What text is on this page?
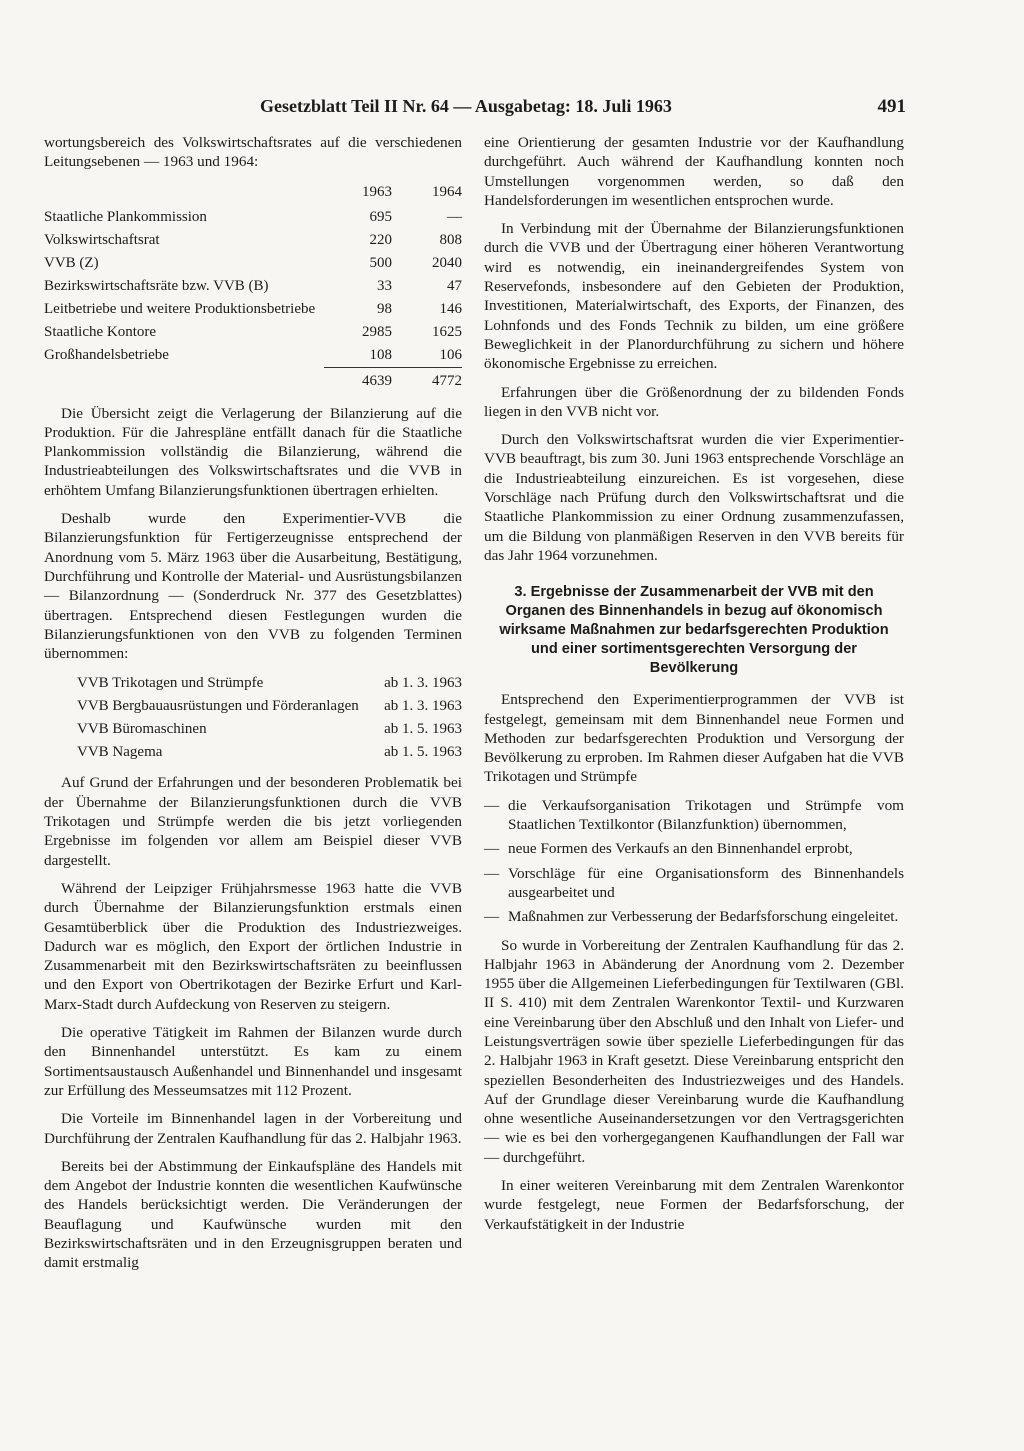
Gesetzblatt Teil II Nr. 64 — Ausgabetag: 18. Juli 1963	491

wortungsbereich des Volkswirtschaftsrates auf die verschiedenen Leitungsebenen — 1963 und 1964:

	1963	1964
Staatliche Plankommission	695	—
Volkswirtschaftsrat	220	808
VVB (Z)	500	2040
Bezirkswirtschaftsräte bzw. VVB (B)	33	47
Leitbetriebe und weitere Produktionsbetriebe	98	146
Staatliche Kontore	2985	1625
Großhandelsbetriebe	108	106
	4639	4772

Die Übersicht zeigt die Verlagerung der Bilanzierung auf die Produktion. Für die Jahrespläne entfällt danach für die Staatliche Plankommission vollständig die Bilanzierung, während die Industrieabteilungen des Volkswirtschaftsrates und die VVB in erhöhtem Umfang Bilanzierungsfunktionen übertragen erhielten.

Deshalb wurde den Experimentier-VVB die Bilanzierungsfunktion für Fertigerzeugnisse entsprechend der Anordnung vom 5. März 1963 über die Ausarbeitung, Bestätigung, Durchführung und Kontrolle der Material- und Ausrüstungsbilanzen — Bilanzordnung — (Sonderdruck Nr. 377 des Gesetzblattes) übertragen. Entsprechend diesen Festlegungen wurden die Bilanzierungsfunktionen von den VVB zu folgenden Terminen übernommen:

VVB Trikotagen und Strümpfe	ab 1. 3. 1963
VVB Bergbauausrüstungen und Förderanlagen	ab 1. 3. 1963
VVB Büromaschinen	ab 1. 5. 1963
VVB Nagema	ab 1. 5. 1963

Auf Grund der Erfahrungen und der besonderen Problematik bei der Übernahme der Bilanzierungsfunktionen durch die VVB Trikotagen und Strümpfe werden die bis jetzt vorliegenden Ergebnisse im folgenden vor allem am Beispiel dieser VVB dargestellt.

Während der Leipziger Frühjahrsmesse 1963 hatte die VVB durch Übernahme der Bilanzierungsfunktion erstmals einen Gesamtüberblick über die Produktion des Industriezweiges. Dadurch war es möglich, den Export der örtlichen Industrie in Zusammenarbeit mit den Bezirkswirtschaftsräten zu beeinflussen und den Export von Obertrikotagen der Bezirke Erfurt und Karl-Marx-Stadt durch Aufdeckung von Reserven zu steigern.

Die operative Tätigkeit im Rahmen der Bilanzen wurde durch den Binnenhandel unterstützt. Es kam zu einem Sortimentsaustausch Außenhandel und Binnenhandel und insgesamt zur Erfüllung des Messeumsatzes mit 112 Prozent.

Die Vorteile im Binnenhandel lagen in der Vorbereitung und Durchführung der Zentralen Kaufhandlung für das 2. Halbjahr 1963.

Bereits bei der Abstimmung der Einkaufspläne des Handels mit dem Angebot der Industrie konnten die wesentlichen Kaufwünsche des Handels berücksichtigt werden. Die Veränderungen der Beauflagung und Kaufwünsche wurden mit den Bezirkswirtschaftsräten und in den Erzeugnisgruppen beraten und damit erstmalig

eine Orientierung der gesamten Industrie vor der Kaufhandlung durchgeführt. Auch während der Kaufhandlung konnten noch Umstellungen vorgenommen werden, so daß den Handelsforderungen im wesentlichen entsprochen wurde.

In Verbindung mit der Übernahme der Bilanzierungsfunktionen durch die VVB und der Übertragung einer höheren Verantwortung wird es notwendig, ein ineinandergreifendes System von Reservefonds, insbesondere auf den Gebieten der Produktion, Investitionen, Materialwirtschaft, des Exports, der Finanzen, des Lohnfonds und des Fonds Technik zu bilden, um eine größere Beweglichkeit in der Planordurchführung zu sichern und höhere ökonomische Ergebnisse zu erreichen.

Erfahrungen über die Größenordnung der zu bildenden Fonds liegen in den VVB nicht vor.

Durch den Volkswirtschaftsrat wurden die vier Experimentier-VVB beauftragt, bis zum 30. Juni 1963 entsprechende Vorschläge an die Industrieabteilung einzureichen. Es ist vorgesehen, diese Vorschläge nach Prüfung durch den Volkswirtschaftsrat und die Staatliche Plankommission zu einer Ordnung zusammenzufassen, um die Bildung von planmäßigen Reserven in den VVB bereits für das Jahr 1964 vorzunehmen.

3. Ergebnisse der Zusammenarbeit der VVB mit den Organen des Binnenhandels in bezug auf ökonomisch wirksame Maßnahmen zur bedarfsgerechten Produktion und einer sortimentsgerechten Versorgung der Bevölkerung

Entsprechend den Experimentierprogrammen der VVB ist festgelegt, gemeinsam mit dem Binnenhandel neue Formen und Methoden zur bedarfsgerechten Produktion und Versorgung der Bevölkerung zu erproben. Im Rahmen dieser Aufgaben hat die VVB Trikotagen und Strümpfe

— die Verkaufsorganisation Trikotagen und Strümpfe vom Staatlichen Textilkontor (Bilanzfunktion) übernommen,
— neue Formen des Verkaufs an den Binnenhandel erprobt,
— Vorschläge für eine Organisationsform des Binnenhandels ausgearbeitet und
— Maßnahmen zur Verbesserung der Bedarfsforschung eingeleitet.

So wurde in Vorbereitung der Zentralen Kaufhandlung für das 2. Halbjahr 1963 in Abänderung der Anordnung vom 2. Dezember 1955 über die Allgemeinen Lieferbedingungen für Textilwaren (GBl. II S. 410) mit dem Zentralen Warenkontor Textil- und Kurzwaren eine Vereinbarung über den Abschluß und den Inhalt von Liefer- und Leistungsverträgen sowie über spezielle Lieferbedingungen für das 2. Halbjahr 1963 in Kraft gesetzt. Diese Vereinbarung entspricht den speziellen Besonderheiten des Industriezweiges und des Handels. Auf der Grundlage dieser Vereinbarung wurde die Kaufhandlung ohne wesentliche Auseinandersetzungen vor den Vertragsgerichten — wie es bei den vorhergegangenen Kaufhandlungen der Fall war — durchgeführt.

In einer weiteren Vereinbarung mit dem Zentralen Warenkontor wurde festgelegt, neue Formen der Bedarfsforschung, der Verkaufstätigkeit in der Industrie
